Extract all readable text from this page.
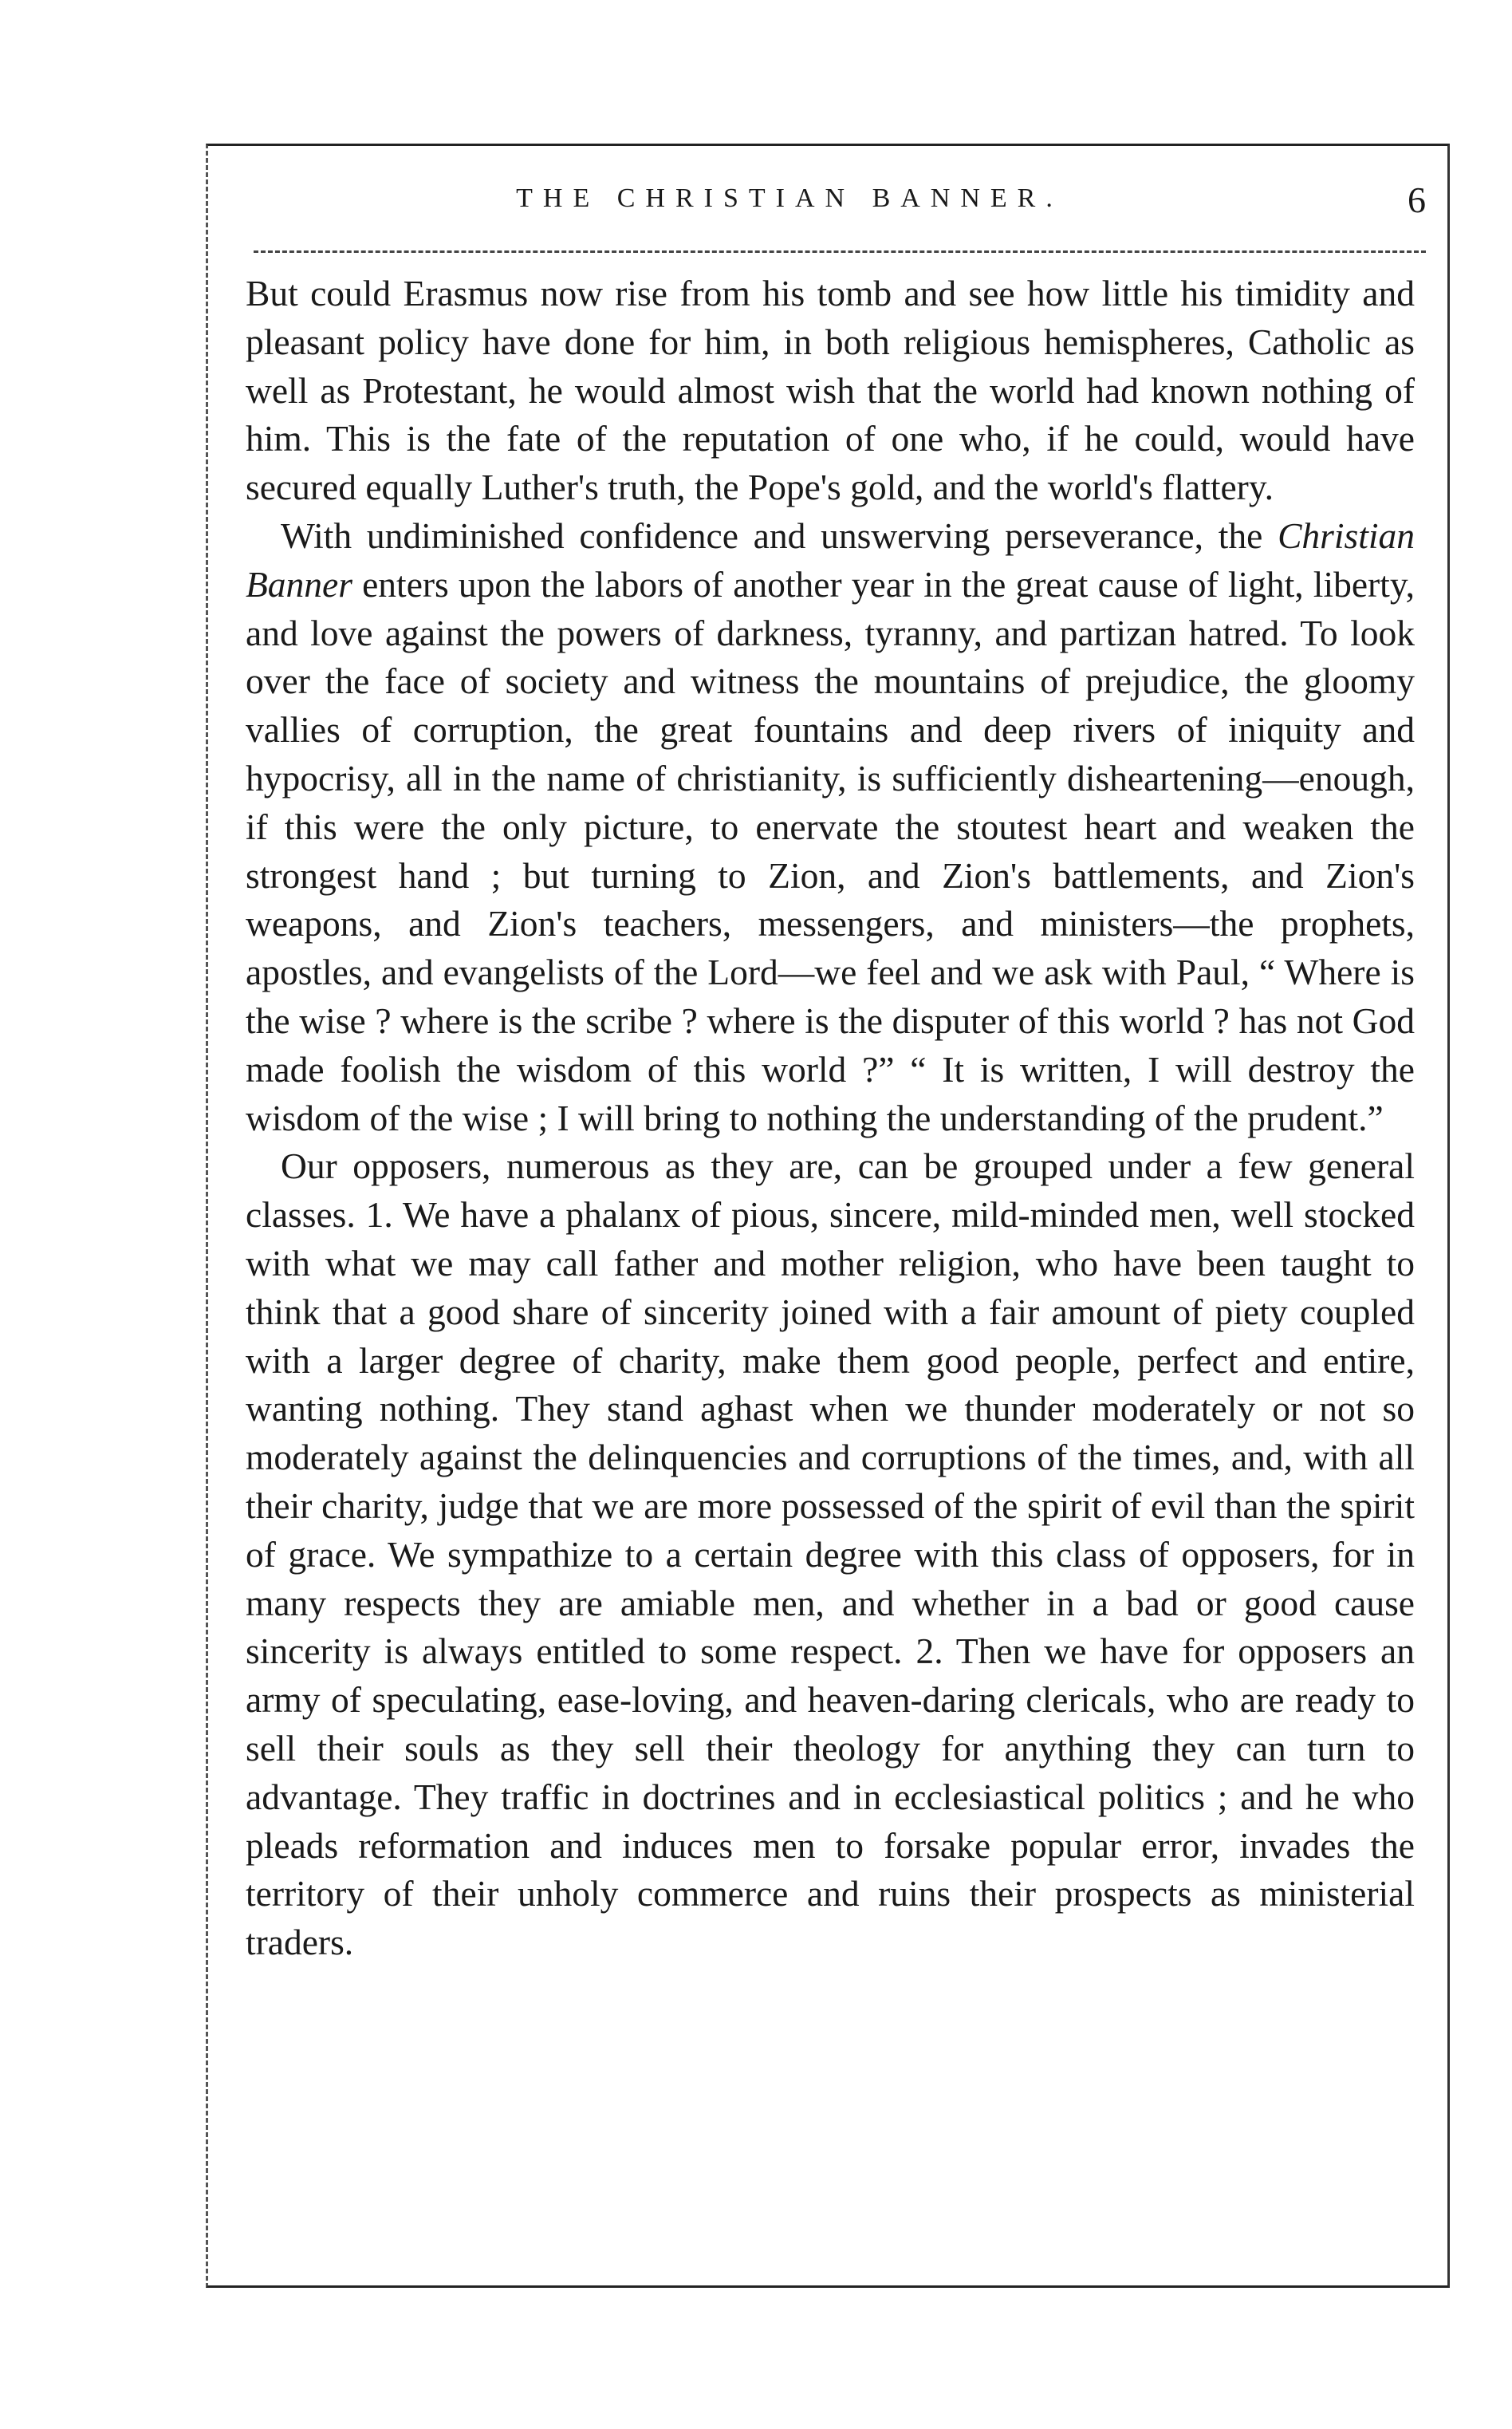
THE CHRISTIAN BANNER.	6

But could Erasmus now rise from his tomb and see how little his timidity and pleasant policy have done for him, in both religious hemispheres, Catholic as well as Protestant, he would almost wish that the world had known nothing of him. This is the fate of the reputation of one who, if he could, would have secured equally Luther's truth, the Pope's gold, and the world's flattery.

With undiminished confidence and unswerving perseverance, the Christian Banner enters upon the labors of another year in the great cause of light, liberty, and love against the powers of darkness, tyranny, and partizan hatred. To look over the face of society and witness the mountains of prejudice, the gloomy vallies of corruption, the great fountains and deep rivers of iniquity and hypocrisy, all in the name of christianity, is sufficiently disheartening—enough, if this were the only picture, to enervate the stoutest heart and weaken the strongest hand ; but turning to Zion, and Zion's battlements, and Zion's weapons, and Zion's teachers, messengers, and ministers—the prophets, apostles, and evangelists of the Lord—we feel and we ask with Paul, “ Where is the wise ? where is the scribe ? where is the disputer of this world ? has not God made foolish the wisdom of this world ?” “ It is written, I will destroy the wisdom of the wise ; I will bring to nothing the understanding of the prudent.”

Our opposers, numerous as they are, can be grouped under a few general classes. 1. We have a phalanx of pious, sincere, mild-minded men, well stocked with what we may call father and mother religion, who have been taught to think that a good share of sincerity joined with a fair amount of piety coupled with a larger degree of charity, make them good people, perfect and entire, wanting nothing. They stand aghast when we thunder moderately or not so moderately against the delinquencies and corruptions of the times, and, with all their charity, judge that we are more possessed of the spirit of evil than the spirit of grace. We sympathize to a certain degree with this class of opposers, for in many respects they are amiable men, and whether in a bad or good cause sincerity is always entitled to some respect. 2. Then we have for opposers an army of speculating, ease-loving, and heaven-daring clericals, who are ready to sell their souls as they sell their theology for anything they can turn to advantage. They traffic in doctrines and in ecclesiastical politics ; and he who pleads reformation and induces men to forsake popular error, invades the territory of their unholy commerce and ruins their prospects as ministerial traders.
